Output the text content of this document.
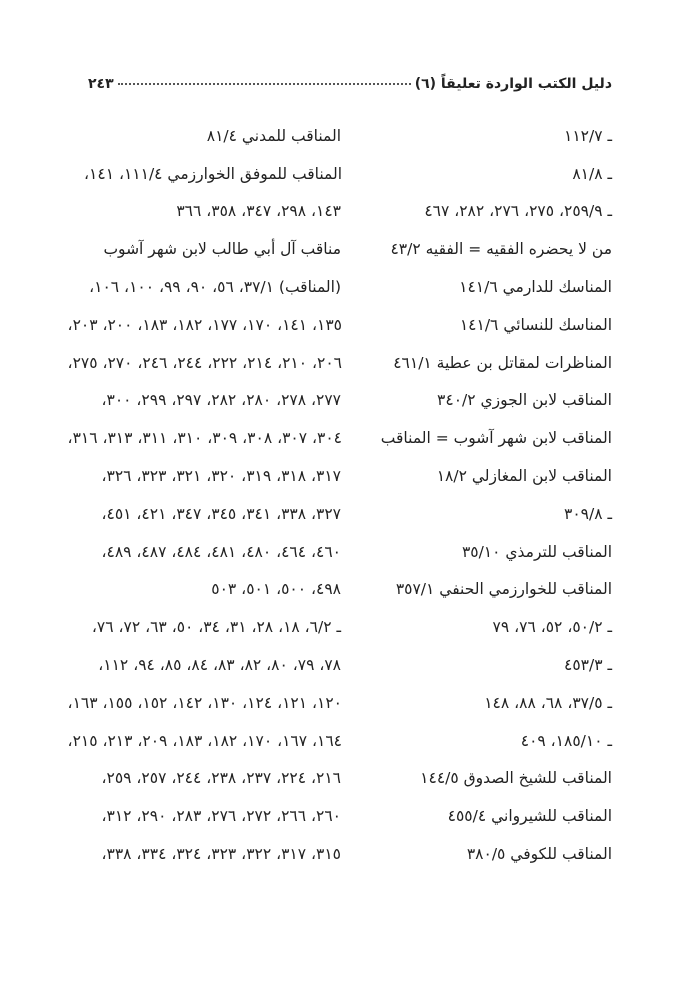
دليل الكتب الواردة تعليقاً (٦)
٢٤٣
ـ ١١٢/٧
المناقب للمدني ٨١/٤
ـ ٨١/٨
المناقب للموفق الخوارزمي ١١١/٤، ١٤١،
ـ ٢٥٩/٩، ٢٧٥، ٢٧٦، ٢٨٢، ٤٦٧
١٤٣، ٢٩٨، ٣٤٧، ٣٥٨، ٣٦٦
من لا يحضره الفقيه = الفقيه ٤٣/٢
مناقب آل أبي طالب لابن شهر آشوب
المناسك للدارمي ١٤١/٦
(المناقب) ٣٧/١، ٥٦، ٩٠، ٩٩، ١٠٠، ١٠٦،
المناسك للنسائي ١٤١/٦
١٣٥، ١٤١، ١٧٠، ١٧٧، ١٨٢، ١٨٣، ٢٠٠، ٢٠٣،
المناظرات لمقاتل بن عطية ٤٦١/١
٢٠٦، ٢١٠، ٢١٤، ٢٢٢، ٢٤٤، ٢٤٦، ٢٧٠، ٢٧٥،
المناقب لابن الجوزي ٣٤٠/٢
٢٧٧، ٢٧٨، ٢٨٠، ٢٨٢، ٢٩٧، ٢٩٩، ٣٠٠،
المناقب لابن شهر آشوب = المناقب
٣٠٤، ٣٠٧، ٣٠٨، ٣٠٩، ٣١٠، ٣١١، ٣١٣، ٣١٦،
المناقب لابن المغازلي ١٨/٢
٣١٧، ٣١٨، ٣١٩، ٣٢٠، ٣٢١، ٣٢٣، ٣٢٦،
ـ ٣٠٩/٨
٣٢٧، ٣٣٨، ٣٤١، ٣٤٥، ٣٤٧، ٤٢١، ٤٥١،
المناقب للترمذي ٣٥/١٠
٤٦٠، ٤٦٤، ٤٨٠، ٤٨١، ٤٨٤، ٤٨٧، ٤٨٩،
المناقب للخوارزمي الحنفي ٣٥٧/١
٤٩٨، ٥٠٠، ٥٠١، ٥٠٣
ـ ٥٠/٢، ٥٢، ٧٦، ٧٩
ـ ٦/٢، ١٨، ٢٨، ٣١، ٣٤، ٥٠، ٦٣، ٧٢، ٧٦،
ـ ٤٥٣/٣
٧٨، ٧٩، ٨٠، ٨٢، ٨٣، ٨٤، ٨٥، ٩٤، ١١٢،
ـ ٣٧/٥، ٦٨، ٨٨، ١٤٨
١٢٠، ١٢١، ١٢٤، ١٣٠، ١٤٢، ١٥٢، ١٥٥، ١٦٣،
ـ ١٨٥/١٠، ٤٠٩
١٦٤، ١٦٧، ١٧٠، ١٨٢، ١٨٣، ٢٠٩، ٢١٣، ٢١٥،
المناقب للشيخ الصدوق ١٤٤/٥
٢١٦، ٢٢٤، ٢٣٧، ٢٣٨، ٢٤٤، ٢٥٧، ٢٥٩،
المناقب للشيرواني ٤٥٥/٤
٢٦٠، ٢٦٦، ٢٧٢، ٢٧٦، ٢٨٣، ٢٩٠، ٣١٢،
المناقب للكوفي ٣٨٠/٥
٣١٥، ٣١٧، ٣٢٢، ٣٢٣، ٣٢٤، ٣٣٤، ٣٣٨،
